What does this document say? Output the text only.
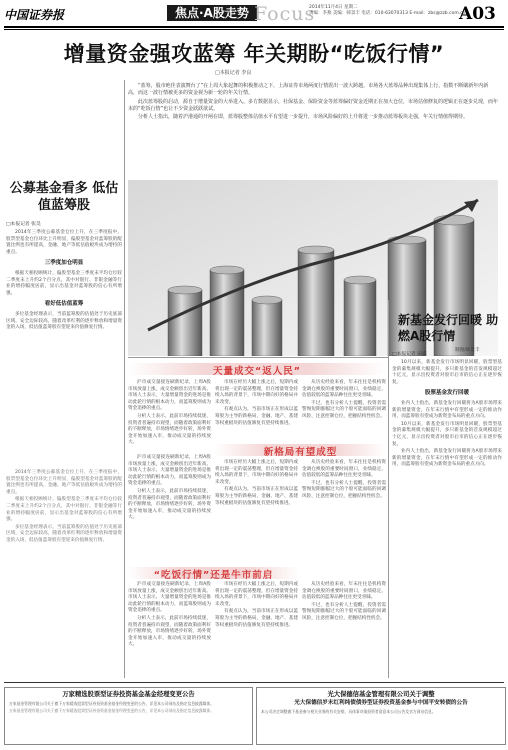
中国证券报	焦点·A股走势 Focus
2014年11月4日 星期二
责编：李燕 美编：韩景丰 电话：010-63070313 E-mail：zbs@zzb.com.cn
A03
增量资金强攻蓝筹 年关期盼“吃饭行情”
□本报记者 李良

“蓝筹，股市绝佳表演舞台了”在上周大象起舞的积极推动之下，上海证券市场两度行情震出一波大跨越，市场各大蓝筹品种出现集体上行，指数不断刷新年内新高，而这一波行情被更多的资金视为新一轮的年关行情。

此次蓝筹股的启动，源自于增量资金的大举进入。多方数据显示，社保基金、保险资金等蓝筹偏好资金近期正在加大仓位，市场估值修复的逻辑正在逐步兑现，而年末的“吃饭行情”也让不少资金跃跃欲试。

分析人士指出，随着沪港通的开闸在即，蓝筹股整体估值水平有望进一步提升，市场风险偏好的上升将进一步推动蓝筹板块走强，年关行情值得期待。

公募基金看多 低估值蓝筹股
□本报记者 张昊

2014年三季度公募基金仓位上升，在三季度报中，股票型基金仓位环比上升明显，偏股型基金对蓝筹股的配置比例也有所提高，金融、地产等低估值板块成为增持的重点。

三季度加仓明显

根据天相投顾统计，偏股型基金三季度末平均仓位较二季度末上升约2个百分点，其中对银行、非银金融等行业的增持幅度居前，显示出基金对蓝筹股的信心有所增强。

看好低估值蓝筹

多位基金经理表示，当前蓝筹股的估值处于历史底部区域，安全边际较高，随着改革红利的逐步释放和增量资金的入场，低估值蓝筹股有望迎来价值修复行情。

2014年三季度公募基金仓位上升，在三季度报中，股票型基金仓位环比上升明显，偏股型基金对蓝筹股的配置比例也有所提高，金融、地产等低估值板块成为增持的重点。

根据天相投顾统计，偏股型基金三季度末平均仓位较二季度末上升约2个百分点，其中对银行、非银金融等行业的增持幅度居前，显示出基金对蓝筹股的信心有所增强。

多位基金经理表示，当前蓝筹股的估值处于历史底部区域，安全边际较高，随着改革红利的逐步释放和增量资金的入场，低估值蓝筹股有望迎来价值修复行情。

制图/韩景丰
新基金发行回暖 助燃A股行情
□本报记者 田露

10月以来，新基金发行市场明显回暖，股票型基金的募集规模大幅提升，多只新基金的首发规模超过十亿元，显示出投资者对股市后市的信心正在逐步恢复。

股票基金发行回暖

业内人士指出，新基金发行回暖将为A股市场带来新的增量资金，在年末行情中有望形成一定的推动作用，而蓝筹股有望成为新资金布局的重点方向。

10月以来，新基金发行市场明显回暖，股票型基金的募集规模大幅提升，多只新基金的首发规模超过十亿元，显示出投资者对股市后市的信心正在逐步恢复。

业内人士指出，新基金发行回暖将为A股市场带来新的增量资金，在年末行情中有望形成一定的推动作用，而蓝筹股有望成为新资金布局的重点方向。

天量成交“返人民”

沪市成交量接连刷新纪录，上周A股市场放量上涨，成交金额创出近年新高。市场人士表示，大量增量资金的进场是推动此轮行情的根本动力，而蓝筹股则成为资金追捧的重点。

分析人士表示，此前市场持续低迷，投资者普遍持币观望，而随着政策面利好的不断释放，市场情绪逐步好转，场外资金开始加速入市，推动成交量的持续放大。

市场在经历大幅上涨之后，短期内或将出现一定的震荡整理，但在增量资金持续入场的背景下，市场中期向好的格局并未改变。

有观点认为，当前市场正在形成以蓝筹股为主导的新格局，金融、地产、基建等权重板块的估值修复有望持续推进。

从历史经验来看，年末往往是机构资金调仓换股的重要时间窗口，业绩稳定、估值较低的蓝筹品种往往更受青睐。

不过，也有分析人士提醒，投资者需警惕短期涨幅过大的个股可能面临的回调风险，注意控制仓位，把握结构性机会。

新格局有望成型

沪市成交量接连刷新纪录，上周A股市场放量上涨，成交金额创出近年新高。市场人士表示，大量增量资金的进场是推动此轮行情的根本动力，而蓝筹股则成为资金追捧的重点。

分析人士表示，此前市场持续低迷，投资者普遍持币观望，而随着政策面利好的不断释放，市场情绪逐步好转，场外资金开始加速入市，推动成交量的持续放大。

市场在经历大幅上涨之后，短期内或将出现一定的震荡整理，但在增量资金持续入场的背景下，市场中期向好的格局并未改变。

有观点认为，当前市场正在形成以蓝筹股为主导的新格局，金融、地产、基建等权重板块的估值修复有望持续推进。

从历史经验来看，年末往往是机构资金调仓换股的重要时间窗口，业绩稳定、估值较低的蓝筹品种往往更受青睐。

不过，也有分析人士提醒，投资者需警惕短期涨幅过大的个股可能面临的回调风险，注意控制仓位，把握结构性机会。

“吃饭行情”还是牛市前启

沪市成交量接连刷新纪录，上周A股市场放量上涨，成交金额创出近年新高。市场人士表示，大量增量资金的进场是推动此轮行情的根本动力，而蓝筹股则成为资金追捧的重点。

分析人士表示，此前市场持续低迷，投资者普遍持币观望，而随着政策面利好的不断释放，市场情绪逐步好转，场外资金开始加速入市，推动成交量的持续放大。

市场在经历大幅上涨之后，短期内或将出现一定的震荡整理，但在增量资金持续入场的背景下，市场中期向好的格局并未改变。

有观点认为，当前市场正在形成以蓝筹股为主导的新格局，金融、地产、基建等权重板块的估值修复有望持续推进。

从历史经验来看，年末往往是机构资金调仓换股的重要时间窗口，业绩稳定、估值较低的蓝筹品种往往更受青睐。

不过，也有分析人士提醒，投资者需警惕短期涨幅过大的个股可能面临的回调风险，注意控制仓位，把握结构性机会。

万家精选股票型证券投资基金基金经理变更公告
万家基金管理有限公司关于旗下万家精选股票型证券投资基金基金经理变更的公告，详见本公司网站及指定信息披露媒体。
万家基金管理有限公司关于旗下万家精选股票型证券投资基金基金经理变更的公告，详见本公司网站及指定信息披露媒体。
光大保德信基金管理有限公司关于调整
光大保德信岁末红利纯债债券型证券投资基金参与中国平安转债的公告
本公司决定调整旗下基金参与相关业务的有关安排，具体事项请投资者留意本公司公告及官方网站信息。
